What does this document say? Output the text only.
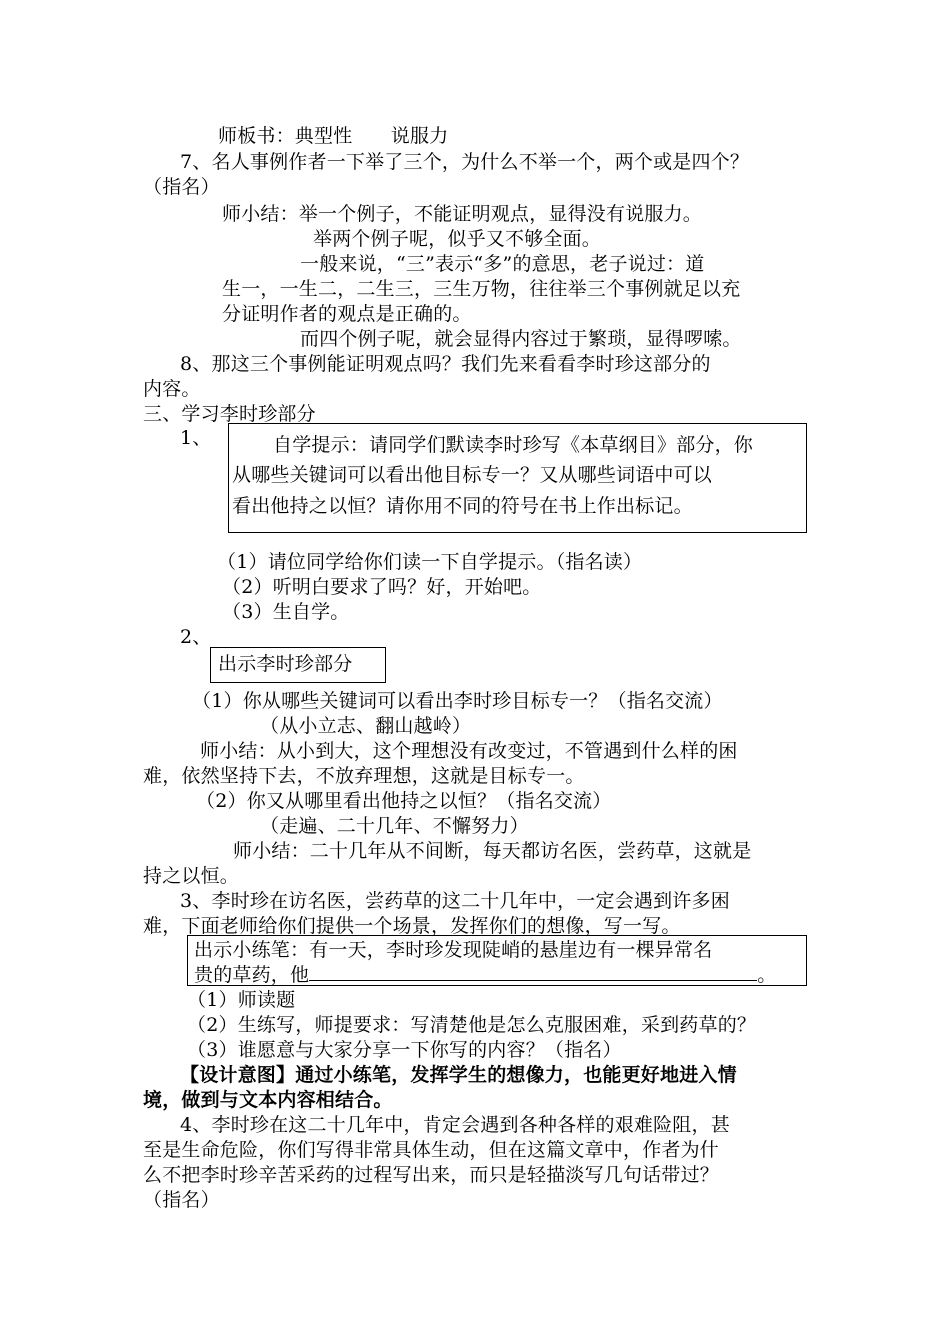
师板书：典型性　　说服力
7、名人事例作者一下举了三个，为什么不举一个，两个或是四个？
（指名）
师小结：举一个例子，不能证明观点，显得没有说服力。
举两个例子呢，似乎又不够全面。
一般来说，“三”表示“多”的意思，老子说过：道
生一，一生二，二生三，三生万物，往往举三个事例就足以充
分证明作者的观点是正确的。
而四个例子呢，就会显得内容过于繁琐，显得啰嗦。
8、那这三个事例能证明观点吗？我们先来看看李时珍这部分的
内容。
三、学习李时珍部分
1、	自学提示：请同学们默读李时珍写《本草纲目》部分，你
从哪些关键词可以看出他目标专一？又从哪些词语中可以
看出他持之以恒？请你用不同的符号在书上作出标记。
（1）请位同学给你们读一下自学提示。（指名读）
（2）听明白要求了吗？好，开始吧。
（3）生自学。
2、
出示李时珍部分
（1）你从哪些关键词可以看出李时珍目标专一？（指名交流）
（从小立志、翻山越岭）
师小结：从小到大，这个理想没有改变过，不管遇到什么样的困
难，依然坚持下去，不放弃理想，这就是目标专一。
（2）你又从哪里看出他持之以恒？（指名交流）
（走遍、二十几年、不懈努力）
师小结：二十几年从不间断，每天都访名医，尝药草，这就是
持之以恒。
3、李时珍在访名医，尝药草的这二十几年中，一定会遇到许多困
难，下面老师给你们提供一个场景，发挥你们的想像，写一写。
出示小练笔：有一天，李时珍发现陡峭的悬崖边有一棵异常名
贵的草药，他	。
（1）师读题
（2）生练写，师提要求：写清楚他是怎么克服困难，采到药草的？
（3）谁愿意与大家分享一下你写的内容？（指名）
【设计意图】通过小练笔，发挥学生的想像力，也能更好地进入情
境，做到与文本内容相结合。
4、李时珍在这二十几年中，肯定会遇到各种各样的艰难险阻，甚
至是生命危险，你们写得非常具体生动，但在这篇文章中，作者为什
么不把李时珍辛苦采药的过程写出来，而只是轻描淡写几句话带过？
（指名）
